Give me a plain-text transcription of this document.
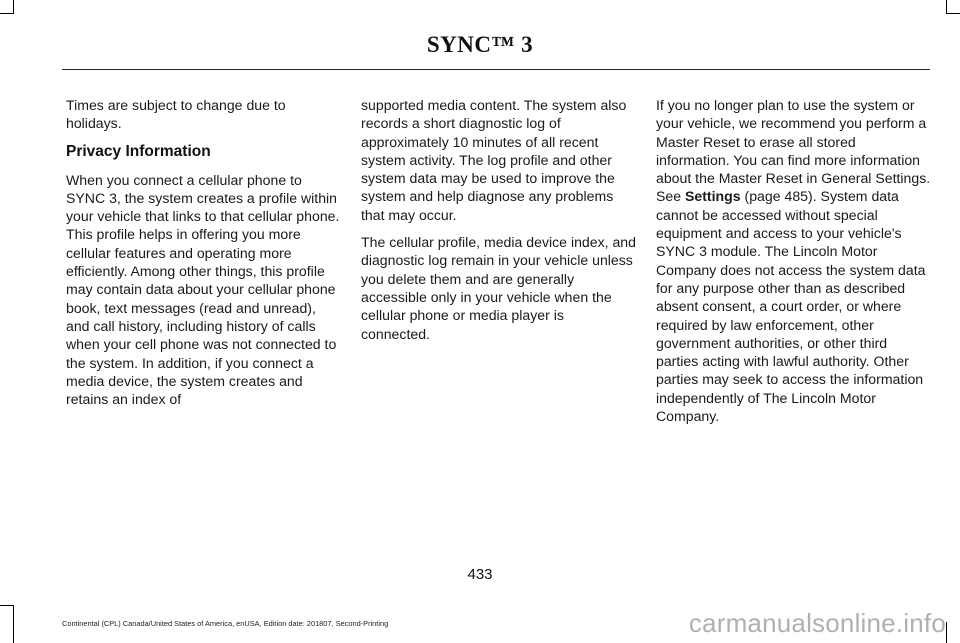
SYNC™ 3

Times are subject to change due to holidays.

Privacy Information

When you connect a cellular phone to SYNC 3, the system creates a profile within your vehicle that links to that cellular phone. This profile helps in offering you more cellular features and operating more efficiently. Among other things, this profile may contain data about your cellular phone book, text messages (read and unread), and call history, including history of calls when your cell phone was not connected to the system. In addition, if you connect a media device, the system creates and retains an index of

supported media content. The system also records a short diagnostic log of approximately 10 minutes of all recent system activity. The log profile and other system data may be used to improve the system and help diagnose any problems that may occur.

The cellular profile, media device index, and diagnostic log remain in your vehicle unless you delete them and are generally accessible only in your vehicle when the cellular phone or media player is connected.

If you no longer plan to use the system or your vehicle, we recommend you perform a Master Reset to erase all stored information. You can find more information about the Master Reset in General Settings. See Settings (page 485). System data cannot be accessed without special equipment and access to your vehicle's SYNC 3 module. The Lincoln Motor Company does not access the system data for any purpose other than as described absent consent, a court order, or where required by law enforcement, other government authorities, or other third parties acting with lawful authority. Other parties may seek to access the information independently of The Lincoln Motor Company.

433
Continental (CPL) Canada/United States of America, enUSA, Edition date: 201807, Second-Printing	carmanualsonline.info
